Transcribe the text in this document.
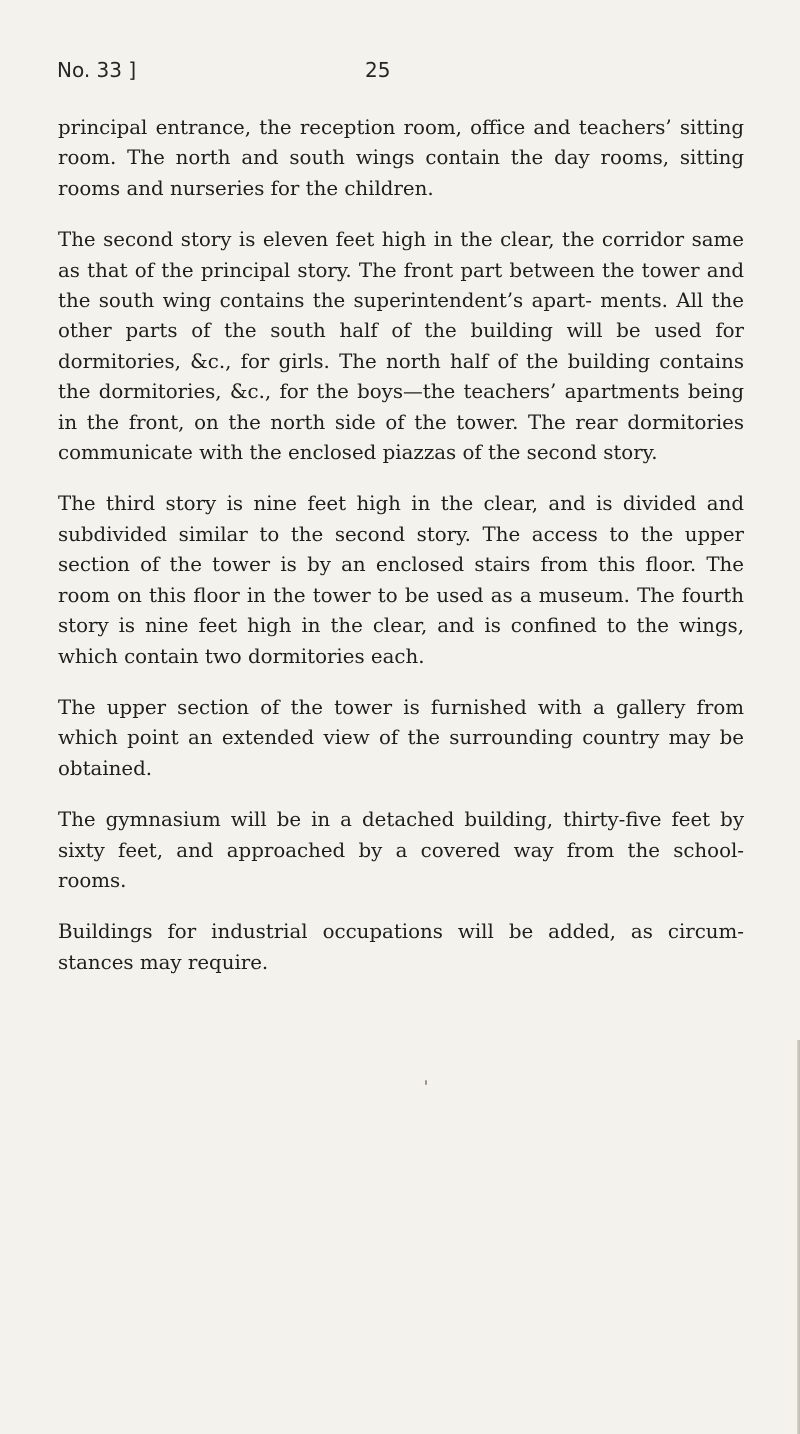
No. 33 ]	25

principal entrance, the reception room, office and teachers’ sitting room. The north and south wings contain the day rooms, sitting rooms and nurseries for the children.

The second story is eleven feet high in the clear, the corridor same as that of the principal story. The front part between the tower and the south wing contains the superintendent’s apart- ments. All the other parts of the south half of the building will be used for dormitories, &c., for girls. The north half of the building contains the dormitories, &c., for the boys—the teachers’ apartments being in the front, on the north side of the tower. The rear dormitories communicate with the enclosed piazzas of the second story.

The third story is nine feet high in the clear, and is divided and subdivided similar to the second story. The access to the upper section of the tower is by an enclosed stairs from this floor. The room on this floor in the tower to be used as a museum. The fourth story is nine feet high in the clear, and is confined to the wings, which contain two dormitories each.

The upper section of the tower is furnished with a gallery from which point an extended view of the surrounding country may be obtained.

The gymnasium will be in a detached building, thirty-five feet by sixty feet, and approached by a covered way from the school- rooms.

Buildings for industrial occupations will be added, as circum- stances may require.
